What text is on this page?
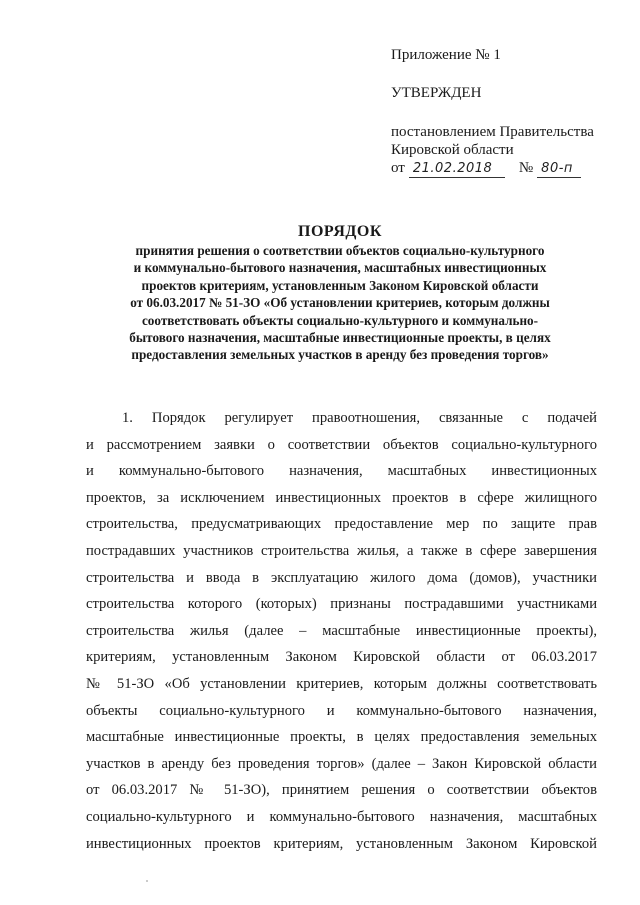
Приложение № 1
УТВЕРЖДЕН
постановлением Правительства
Кировской области
от 21.02.2018	№ 80-п
ПОРЯДОК
принятия решения о соответствии объектов социально-культурного
и коммунально-бытового назначения, масштабных инвестиционных
проектов критериям, установленным Законом Кировской области
от 06.03.2017 № 51-ЗО «Об установлении критериев, которым должны
соответствовать объекты социально-культурного и коммунально-
бытового назначения, масштабные инвестиционные проекты, в целях
предоставления земельных участков в аренду без проведения торгов»
1. Порядок регулирует правоотношения, связанные с подачей
и рассмотрением заявки о соответствии объектов социально-культурного
и коммунально-бытового назначения, масштабных инвестиционных
проектов, за исключением инвестиционных проектов в сфере жилищного
строительства, предусматривающих предоставление мер по защите прав
пострадавших участников строительства жилья, а также в сфере завершения
строительства и ввода в эксплуатацию жилого дома (домов), участники
строительства которого (которых) признаны пострадавшими участниками
строительства жилья (далее – масштабные инвестиционные проекты),
критериям, установленным Законом Кировской области от 06.03.2017
№ 51-ЗО «Об установлении критериев, которым должны соответствовать
объекты социально-культурного и коммунально-бытового назначения,
масштабные инвестиционные проекты, в целях предоставления земельных
участков в аренду без проведения торгов» (далее – Закон Кировской области
от 06.03.2017 № 51-ЗО), принятием решения о соответствии объектов
социально-культурного и коммунально-бытового назначения, масштабных
инвестиционных проектов критериям, установленным Законом Кировской
